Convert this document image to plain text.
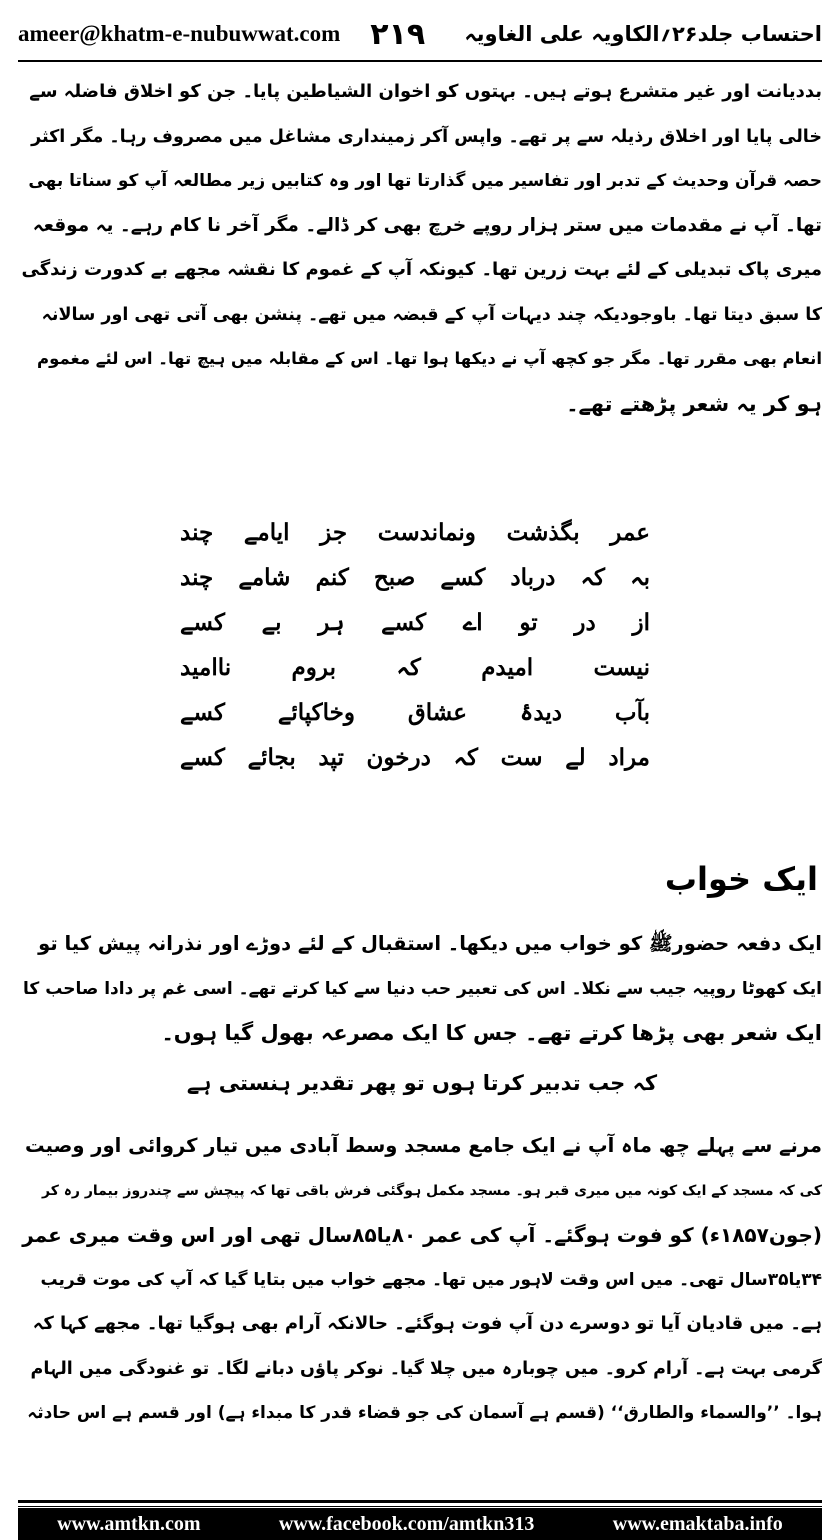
ameer@khatm-e-nubuwwat.com ۲۱۹ احتساب جلد۲۶؍الکاویہ علی الغاویہ

بددیانت اور غیر متشرع ہوتے ہیں۔ بہتوں کو اخوان الشیاطین پایا۔ جن کو اخلاق فاضلہ سے

خالی پایا اور اخلاق رذیلہ سے پر تھے۔ واپس آکر زمینداری مشاغل میں مصروف رہا۔ مگر اکثر

حصہ قرآن وحدیث کے تدبر اور تفاسیر میں گذارتا تھا اور وہ کتابیں زیر مطالعہ آپ کو سناتا بھی

تھا۔ آپ نے مقدمات میں ستر ہزار روپے خرچ بھی کر ڈالے۔ مگر آخر نا کام رہے۔ یہ موقعہ

میری پاک تبدیلی کے لئے بہت زرین تھا۔ کیونکہ آپ کے غموم کا نقشہ مجھے بے کدورت زندگی

کا سبق دیتا تھا۔ باوجودیکہ چند دیہات آپ کے قبضہ میں تھے۔ پنشن بھی آتی تھی اور سالانہ

انعام بھی مقرر تھا۔ مگر جو کچھ آپ نے دیکھا ہوا تھا۔ اس کے مقابلہ میں ہیچ تھا۔ اس لئے مغموم

ہو کر یہ شعر پڑھتے تھے۔

عمر بگذشت ونماندست جز ایامے چند
بہ کہ درباد کسے صبح کنم شامے چند
از در تو اے کسے ہر بے کسے
نیست امیدم کہ بروم ناامید
بآب دیدۂ عشاق وخاکپائے کسے
مراد لے ست کہ درخون تپد بجائے کسے
ایک خواب

ایک دفعہ حضورﷺ کو خواب میں دیکھا۔ استقبال کے لئے دوڑے اور نذرانہ پیش کیا تو

ایک کھوٹا روپیہ جیب سے نکلا۔ اس کی تعبیر حب دنیا سے کیا کرتے تھے۔ اسی غم پر دادا صاحب کا

ایک شعر بھی پڑھا کرتے تھے۔ جس کا ایک مصرعہ بھول گیا ہوں۔

کہ جب تدبیر کرتا ہوں تو پھر تقدیر ہنستی ہے

مرنے سے پہلے چھ ماہ آپ نے ایک جامع مسجد وسط آبادی میں تیار کروائی اور وصیت

کی کہ مسجد کے ایک کونہ میں میری قبر ہو۔ مسجد مکمل ہوگئی فرش باقی تھا کہ پیچش سے چندروز بیمار رہ کر

(جون۱۸۵۷ء) کو فوت ہوگئے۔ آپ کی عمر ۸۰یا۸۵سال تھی اور اس وقت میری عمر

۳۴یا۳۵سال تھی۔ میں اس وقت لاہور میں تھا۔ مجھے خواب میں بتایا گیا کہ آپ کی موت قریب

ہے۔ میں قادیان آیا تو دوسرے دن آپ فوت ہوگئے۔ حالانکہ آرام بھی ہوگیا تھا۔ مجھے کہا کہ

گرمی بہت ہے۔ آرام کرو۔ میں چوبارہ میں چلا گیا۔ نوکر پاؤں دبانے لگا۔ تو غنودگی میں الہام

ہوا۔ ’’والسماء والطارق‘‘ (قسم ہے آسمان کی جو قضاء قدر کا مبداء ہے) اور قسم ہے اس حادثہ

www.amtkn.com	www.facebook.com/amtkn313	www.emaktaba.info
